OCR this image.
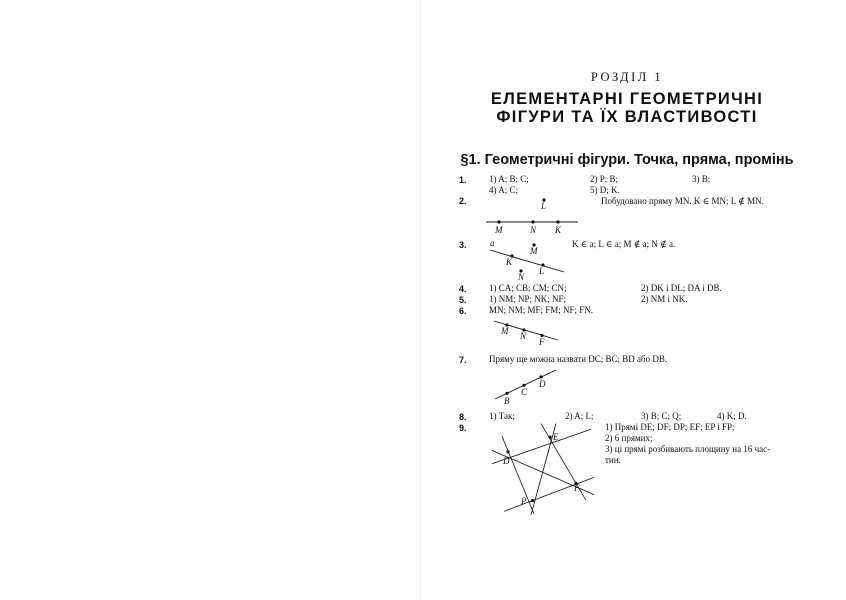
РОЗДІЛ 1
ЕЛЕМЕНТАРНІ ГЕОМЕТРИЧНІ
ФІГУРИ ТА ЇХ ВЛАСТИВОСТІ
§1. Геометричні фігури. Точка, пряма, промінь
1. 1) A; B; C;	2) P; B;	3) B;
4) A; C;	5) D; K.
2.	Побудовано пряму MN. K ∈ MN; L ∉ MN.
L
M	N K
3.	K ∈ a; L ∈ a; M ∉ a; N ∉ a.
a
M
K
N
L
4. 1) CA; CB; CM; CN;	2) DK і DL; DA і DB.
5. 1) NM; NP; NK; NF;	2) NM і NK.
6. MN; NM; MF; FM; NF; FN.
M N
F
7. Пряму ще можна назвати DC; BC; BD або DB.
B
C
D
8. 1) Так;	2) A; L;	3) B; C; Q;	4) K; D.
9.	1) Прямі DE; DF; DP; EF; EP і FP;
2) 6 прямих;
3) ці прямі розбивають площину на 16 час-
тин.
E
D
F
P
